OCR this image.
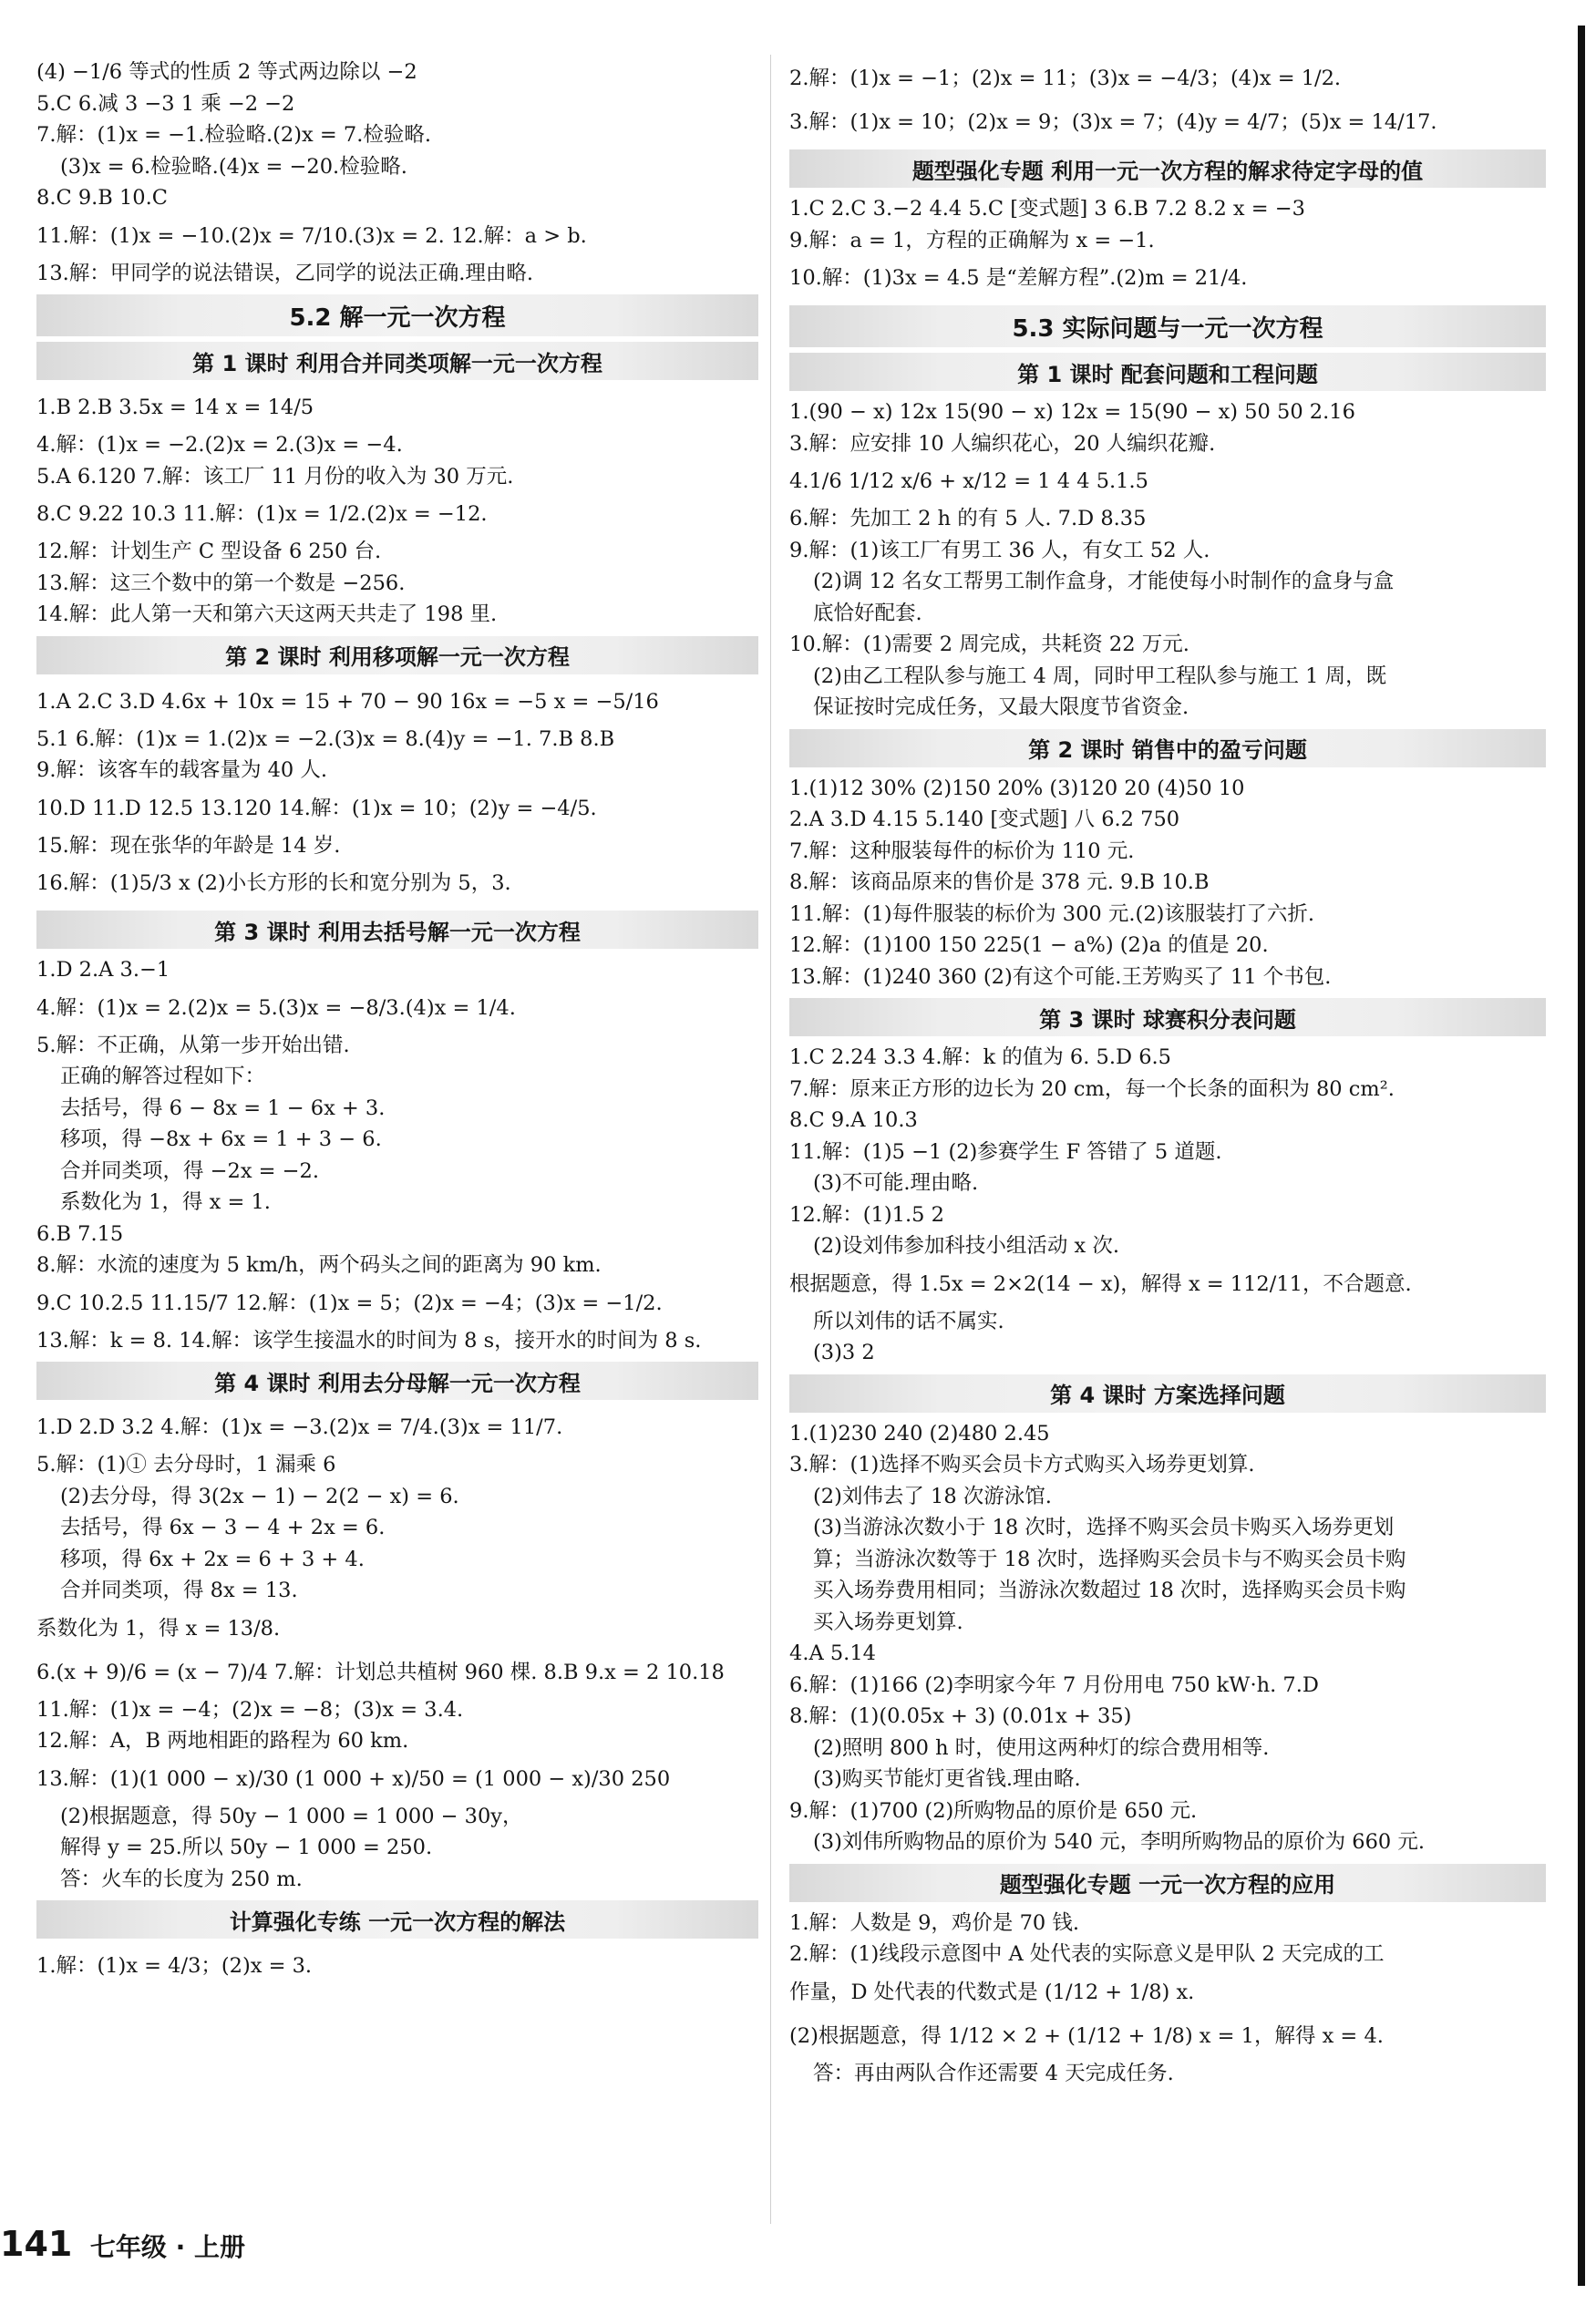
(4) −1/6 等式的性质 2 等式两边除以 −2
5.C 6.减 3 −3 1 乘 −2 −2
7.解：(1)x = −1.检验略.(2)x = 7.检验略.
(3)x = 6.检验略.(4)x = −20.检验略.
8.C 9.B 10.C
11.解：(1)x = −10.(2)x = 7/10.(3)x = 2. 12.解：a > b.
13.解：甲同学的说法错误，乙同学的说法正确.理由略.
5.2 解一元一次方程
第 1 课时 利用合并同类项解一元一次方程
1.B 2.B 3.5x = 14 x = 14/5
4.解：(1)x = −2.(2)x = 2.(3)x = −4.
5.A 6.120 7.解：该工厂 11 月份的收入为 30 万元.
8.C 9.22 10.3 11.解：(1)x = 1/2.(2)x = −12.
12.解：计划生产 C 型设备 6 250 台.
13.解：这三个数中的第一个数是 −256.
14.解：此人第一天和第六天这两天共走了 198 里.
第 2 课时 利用移项解一元一次方程
1.A 2.C 3.D 4.6x + 10x = 15 + 70 − 90 16x = −5 x = −5/16
5.1 6.解：(1)x = 1.(2)x = −2.(3)x = 8.(4)y = −1. 7.B 8.B
9.解：该客车的载客量为 40 人.
10.D 11.D 12.5 13.120 14.解：(1)x = 10；(2)y = −4/5.
15.解：现在张华的年龄是 14 岁.
16.解：(1)5/3 x (2)小长方形的长和宽分别为 5，3.
第 3 课时 利用去括号解一元一次方程
1.D 2.A 3.−1
4.解：(1)x = 2.(2)x = 5.(3)x = −8/3.(4)x = 1/4.
5.解：不正确，从第一步开始出错.
正确的解答过程如下：
去括号，得 6 − 8x = 1 − 6x + 3.
移项，得 −8x + 6x = 1 + 3 − 6.
合并同类项，得 −2x = −2.
系数化为 1，得 x = 1.
6.B 7.15
8.解：水流的速度为 5 km/h，两个码头之间的距离为 90 km.
9.C 10.2.5 11.15/7 12.解：(1)x = 5；(2)x = −4；(3)x = −1/2.
13.解：k = 8. 14.解：该学生接温水的时间为 8 s，接开水的时间为 8 s.
第 4 课时 利用去分母解一元一次方程
1.D 2.D 3.2 4.解：(1)x = −3.(2)x = 7/4.(3)x = 11/7.
5.解：(1)① 去分母时，1 漏乘 6
(2)去分母，得 3(2x − 1) − 2(2 − x) = 6.
去括号，得 6x − 3 − 4 + 2x = 6.
移项，得 6x + 2x = 6 + 3 + 4.
合并同类项，得 8x = 13.
系数化为 1，得 x = 13/8.
6.(x + 9)/6 = (x − 7)/4 7.解：计划总共植树 960 棵. 8.B 9.x = 2 10.18
11.解：(1)x = −4；(2)x = −8；(3)x = 3.4.
12.解：A，B 两地相距的路程为 60 km.
13.解：(1)(1 000 − x)/30 (1 000 + x)/50 = (1 000 − x)/30 250
(2)根据题意，得 50y − 1 000 = 1 000 − 30y，
解得 y = 25.所以 50y − 1 000 = 250.
答：火车的长度为 250 m.
计算强化专练 一元一次方程的解法
1.解：(1)x = 4/3；(2)x = 3.
2.解：(1)x = −1；(2)x = 11；(3)x = −4/3；(4)x = 1/2.
3.解：(1)x = 10；(2)x = 9；(3)x = 7；(4)y = 4/7；(5)x = 14/17.
题型强化专题 利用一元一次方程的解求待定字母的值
1.C 2.C 3.−2 4.4 5.C [变式题] 3 6.B 7.2 8.2 x = −3
9.解：a = 1，方程的正确解为 x = −1.
10.解：(1)3x = 4.5 是“差解方程”.(2)m = 21/4.
5.3 实际问题与一元一次方程
第 1 课时 配套问题和工程问题
1.(90 − x) 12x 15(90 − x) 12x = 15(90 − x) 50 50 2.16
3.解：应安排 10 人编织花心，20 人编织花瓣.
4.1/6 1/12 x/6 + x/12 = 1 4 4 5.1.5
6.解：先加工 2 h 的有 5 人. 7.D 8.35
9.解：(1)该工厂有男工 36 人，有女工 52 人.
(2)调 12 名女工帮男工制作盒身，才能使每小时制作的盒身与盒
底恰好配套.
10.解：(1)需要 2 周完成，共耗资 22 万元.
(2)由乙工程队参与施工 4 周，同时甲工程队参与施工 1 周，既
保证按时完成任务，又最大限度节省资金.
第 2 课时 销售中的盈亏问题
1.(1)12 30% (2)150 20% (3)120 20 (4)50 10
2.A 3.D 4.15 5.140 [变式题] 八 6.2 750
7.解：这种服装每件的标价为 110 元.
8.解：该商品原来的售价是 378 元. 9.B 10.B
11.解：(1)每件服装的标价为 300 元.(2)该服装打了六折.
12.解：(1)100 150 225(1 − a%) (2)a 的值是 20.
13.解：(1)240 360 (2)有这个可能.王芳购买了 11 个书包.
第 3 课时 球赛积分表问题
1.C 2.24 3.3 4.解：k 的值为 6. 5.D 6.5
7.解：原来正方形的边长为 20 cm，每一个长条的面积为 80 cm².
8.C 9.A 10.3
11.解：(1)5 −1 (2)参赛学生 F 答错了 5 道题.
(3)不可能.理由略.
12.解：(1)1.5 2
(2)设刘伟参加科技小组活动 x 次.
根据题意，得 1.5x = 2×2(14 − x)，解得 x = 112/11，不合题意.
所以刘伟的话不属实.
(3)3 2
第 4 课时 方案选择问题
1.(1)230 240 (2)480 2.45
3.解：(1)选择不购买会员卡方式购买入场券更划算.
(2)刘伟去了 18 次游泳馆.
(3)当游泳次数小于 18 次时，选择不购买会员卡购买入场券更划
算；当游泳次数等于 18 次时，选择购买会员卡与不购买会员卡购
买入场券费用相同；当游泳次数超过 18 次时，选择购买会员卡购
买入场券更划算.
4.A 5.14
6.解：(1)166 (2)李明家今年 7 月份用电 750 kW·h. 7.D
8.解：(1)(0.05x + 3) (0.01x + 35)
(2)照明 800 h 时，使用这两种灯的综合费用相等.
(3)购买节能灯更省钱.理由略.
9.解：(1)700 (2)所购物品的原价是 650 元.
(3)刘伟所购物品的原价为 540 元，李明所购物品的原价为 660 元.
题型强化专题 一元一次方程的应用
1.解：人数是 9，鸡价是 70 钱.
2.解：(1)线段示意图中 A 处代表的实际意义是甲队 2 天完成的工
作量，D 处代表的代数式是 (1/12 + 1/8) x.
(2)根据题意，得 1/12 × 2 + (1/12 + 1/8) x = 1，解得 x = 4.
答：再由两队合作还需要 4 天完成任务.
141 七年级 · 上册
